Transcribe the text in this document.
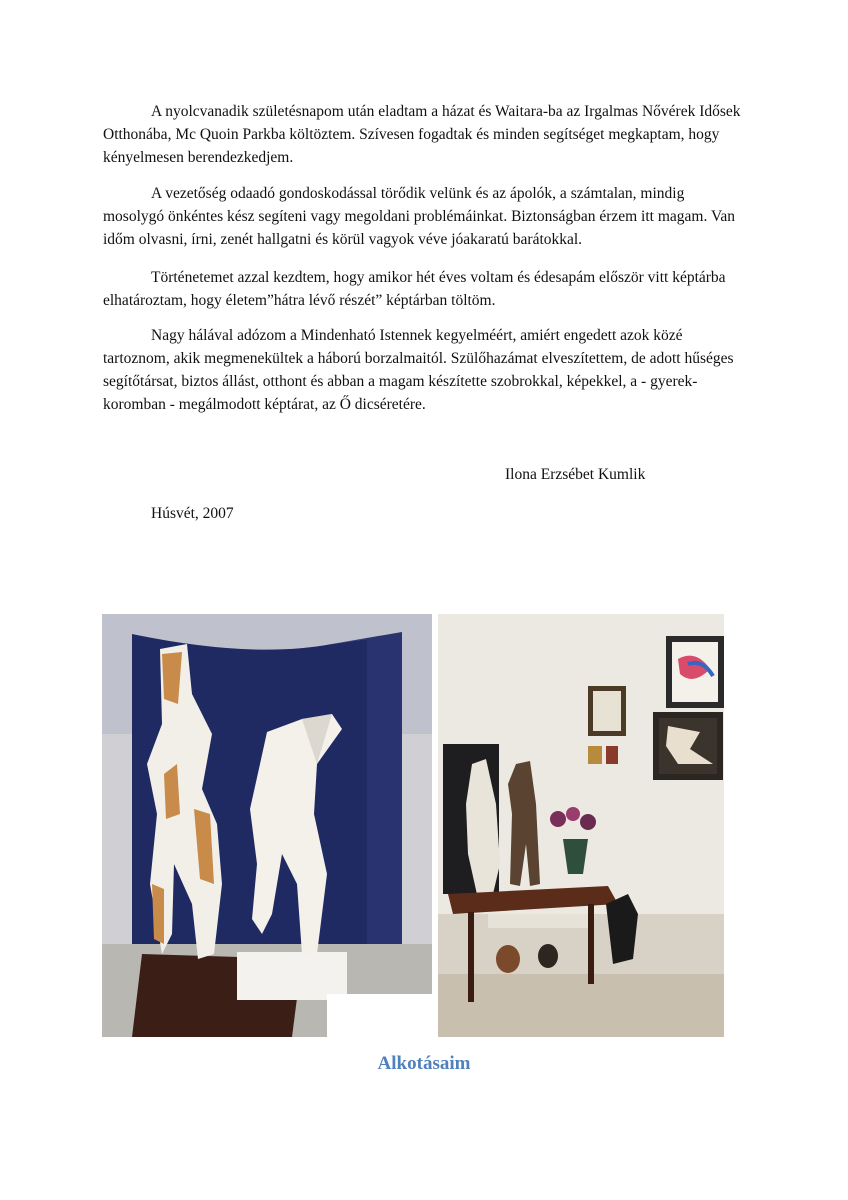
A nyolcvanadik születésnapom után eladtam a házat és Waitara-ba az Irgalmas Nővérek Idősek Otthonába, Mc Quoin Parkba költöztem. Szívesen fogadtak és minden segítséget megkaptam, hogy kényelmesen berendezkedjem.

A vezetőség odaadó gondoskodással törődik velünk és az ápolók, a számtalan, mindig mosolygó önkéntes kész segíteni vagy megoldani problémáinkat. Biztonságban érzem itt magam. Van időm olvasni, írni, zenét hallgatni és körül vagyok véve jóakaratú barátokkal.

Történetemet azzal kezdtem, hogy amikor hét éves voltam és édesapám először vitt képtárba elhatároztam, hogy életem”hátra lévő részét” képtárban töltöm.

Nagy hálával adózom a Mindenható Istennek kegyelméért, amiért engedett azok közé tartoznom, akik megmenekültek a háború borzalmaitól. Szülőhazámat elveszítettem, de adott hűséges segítőtársat, biztos állást, otthont és abban a magam készítette szobrokkal, képekkel, a - gyerek-koromban - megálmodott képtárat, az Ő dicséretére.

Ilona Erzsébet Kumlik
Húsvét, 2007
Alkotásaim
